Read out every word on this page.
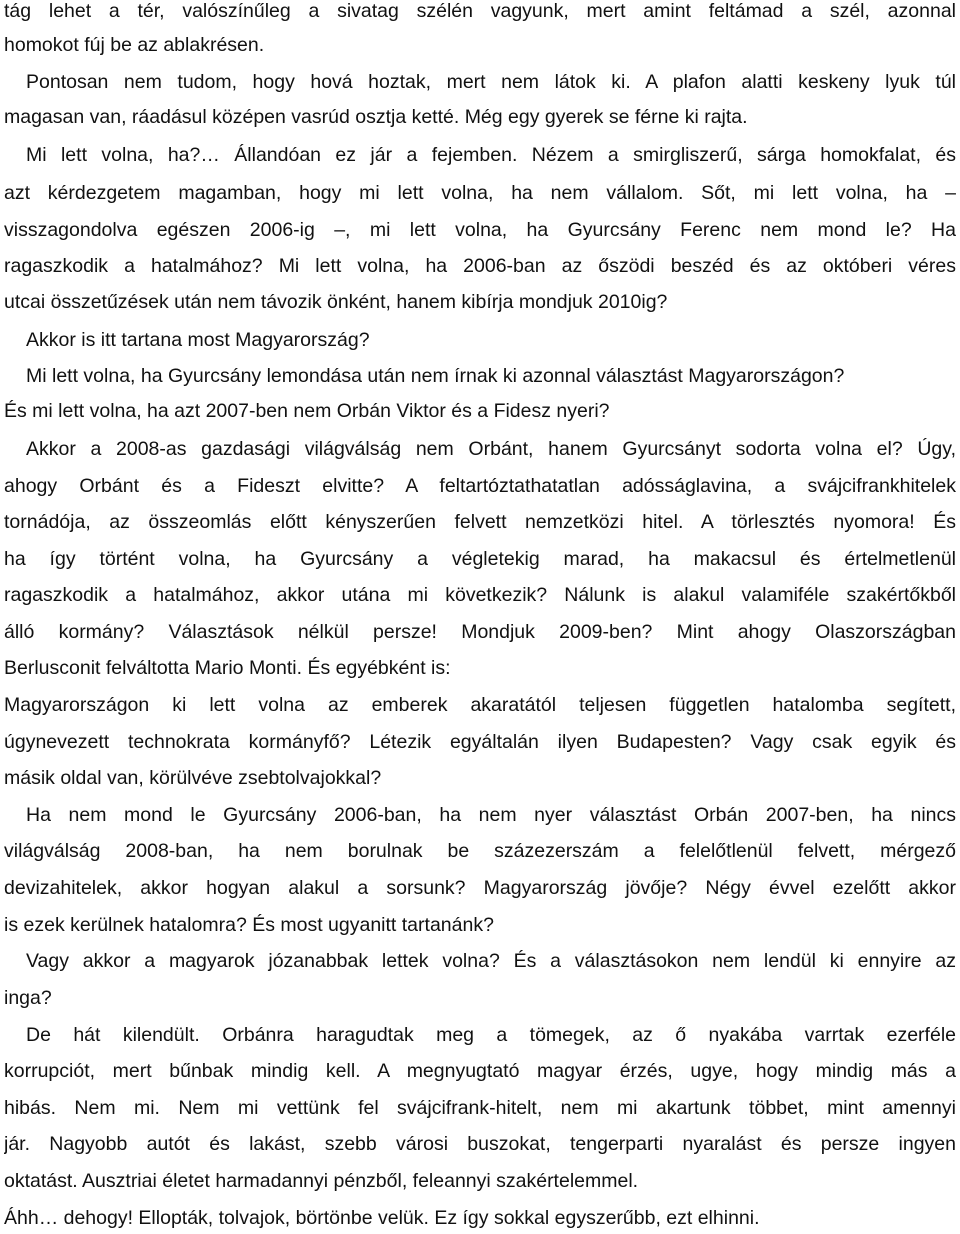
tág lehet a tér, valószínűleg a sivatag szélén vagyunk, mert amint feltámad a szél, azonnal
homokot fúj be az ablakrésen.
Pontosan nem tudom, hogy hová hoztak, mert nem látok ki. A plafon alatti keskeny lyuk túl
magasan van, ráadásul középen vasrúd osztja ketté. Még egy gyerek se férne ki rajta.
Mi lett volna, ha?… Állandóan ez jár a fejemben. Nézem a smirgliszerű, sárga homokfalat, és
azt kérdezgetem magamban, hogy mi lett volna, ha nem vállalom. Sőt, mi lett volna, ha –
visszagondolva egészen 2006-ig –, mi lett volna, ha Gyurcsány Ferenc nem mond le? Ha
ragaszkodik a hatalmához? Mi lett volna, ha 2006-ban az őszödi beszéd és az októberi véres
utcai összetűzések után nem távozik önként, hanem kibírja mondjuk 2010ig?
Akkor is itt tartana most Magyarország?
Mi lett volna, ha Gyurcsány lemondása után nem írnak ki azonnal választást Magyarországon?
És mi lett volna, ha azt 2007-ben nem Orbán Viktor és a Fidesz nyeri?
Akkor a 2008-as gazdasági világválság nem Orbánt, hanem Gyurcsányt sodorta volna el? Úgy,
ahogy Orbánt és a Fideszt elvitte? A feltartóztathatatlan adósságlavina, a svájcifrankhitelek
tornádója, az összeomlás előtt kényszerűen felvett nemzetközi hitel. A törlesztés nyomora! És
ha így történt volna, ha Gyurcsány a végletekig marad, ha makacsul és értelmetlenül
ragaszkodik a hatalmához, akkor utána mi következik? Nálunk is alakul valamiféle szakértőkből
álló kormány? Választások nélkül persze! Mondjuk 2009-ben? Mint ahogy Olaszországban
Berlusconit felváltotta Mario Monti. És egyébként is:
Magyarországon ki lett volna az emberek akaratától teljesen független hatalomba segített,
úgynevezett technokrata kormányfő? Létezik egyáltalán ilyen Budapesten? Vagy csak egyik és
másik oldal van, körülvéve zsebtolvajokkal?
Ha nem mond le Gyurcsány 2006-ban, ha nem nyer választást Orbán 2007-ben, ha nincs
világválság 2008-ban, ha nem borulnak be százezerszám a felelőtlenül felvett, mérgező
devizahitelek, akkor hogyan alakul a sorsunk? Magyarország jövője? Négy évvel ezelőtt akkor
is ezek kerülnek hatalomra? És most ugyanitt tartanánk?
Vagy akkor a magyarok józanabbak lettek volna? És a választásokon nem lendül ki ennyire az
inga?
De hát kilendült. Orbánra haragudtak meg a tömegek, az ő nyakába varrtak ezerféle
korrupciót, mert bűnbak mindig kell. A megnyugtató magyar érzés, ugye, hogy mindig más a
hibás. Nem mi. Nem mi vettünk fel svájcifrank-hitelt, nem mi akartunk többet, mint amennyi
jár. Nagyobb autót és lakást, szebb városi buszokat, tengerparti nyaralást és persze ingyen
oktatást. Ausztriai életet harmadannyi pénzből, feleannyi szakértelemmel.
Áhh… dehogy! Ellopták, tolvajok, börtönbe velük. Ez így sokkal egyszerűbb, ezt elhinni.
